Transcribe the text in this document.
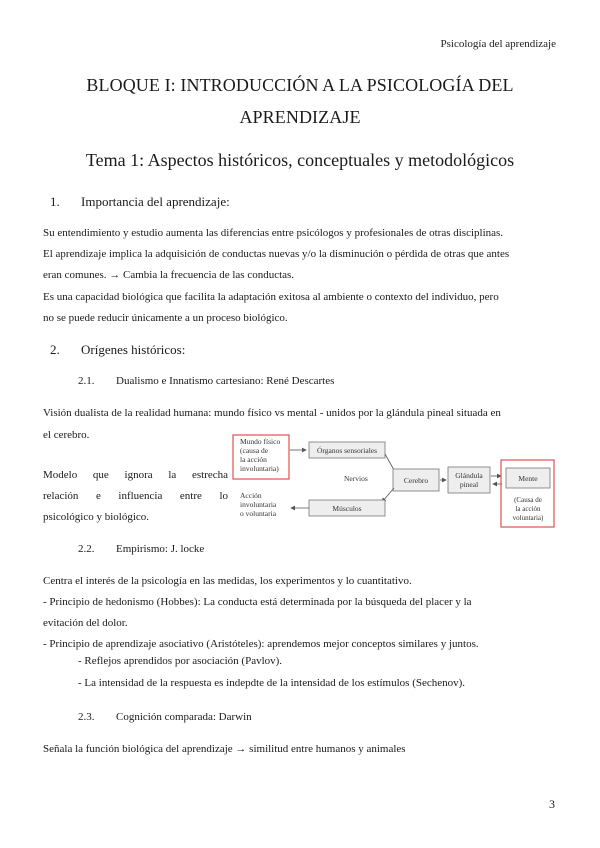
Psicología del aprendizaje
BLOQUE I: INTRODUCCIÓN A LA PSICOLOGÍA DEL
APRENDIZAJE
Tema 1: Aspectos históricos, conceptuales y metodológicos
1. Importancia del aprendizaje:
Su entendimiento y estudio aumenta las diferencias entre psicólogos y profesionales de otras disciplinas.
El aprendizaje implica la adquisición de conductas nuevas y/o la disminución o pérdida de otras que antes
eran comunes. → Cambia la frecuencia de las conductas.
Es una capacidad biológica que facilita la adaptación exitosa al ambiente o contexto del individuo, pero
no se puede reducir únicamente a un proceso biológico.
2. Orígenes históricos:
2.1. Dualismo e Innatismo cartesiano: René Descartes
Visión dualista de la realidad humana: mundo físico vs mental - unidos por la glándula pineal situada en
el cerebro.
Modelo que ignora la estrecha
relación e influencia entre lo
psicológico y biológico.
Mundo físico
(causa de
la acción
involuntaria)
Órganos sensoriales
Nervios	Cerebro
Glándula
pineal
Mente
(Causa de
la acción
voluntaria)
Músculos
Acción
involuntaria
o voluntaria
2.2. Empirismo: J. locke
Centra el interés de la psicología en las medidas, los experimentos y lo cuantitativo.
- Principio de hedonismo (Hobbes): La conducta está determinada por la búsqueda del placer y la
evitación del dolor.
- Principio de aprendizaje asociativo (Aristóteles): aprendemos mejor conceptos similares y juntos.
- Reflejos aprendidos por asociación (Pavlov).
- La intensidad de la respuesta es indepdte de la intensidad de los estímulos (Sechenov).
2.3. Cognición comparada: Darwin
Señala la función biológica del aprendizaje → similitud entre humanos y animales
3
